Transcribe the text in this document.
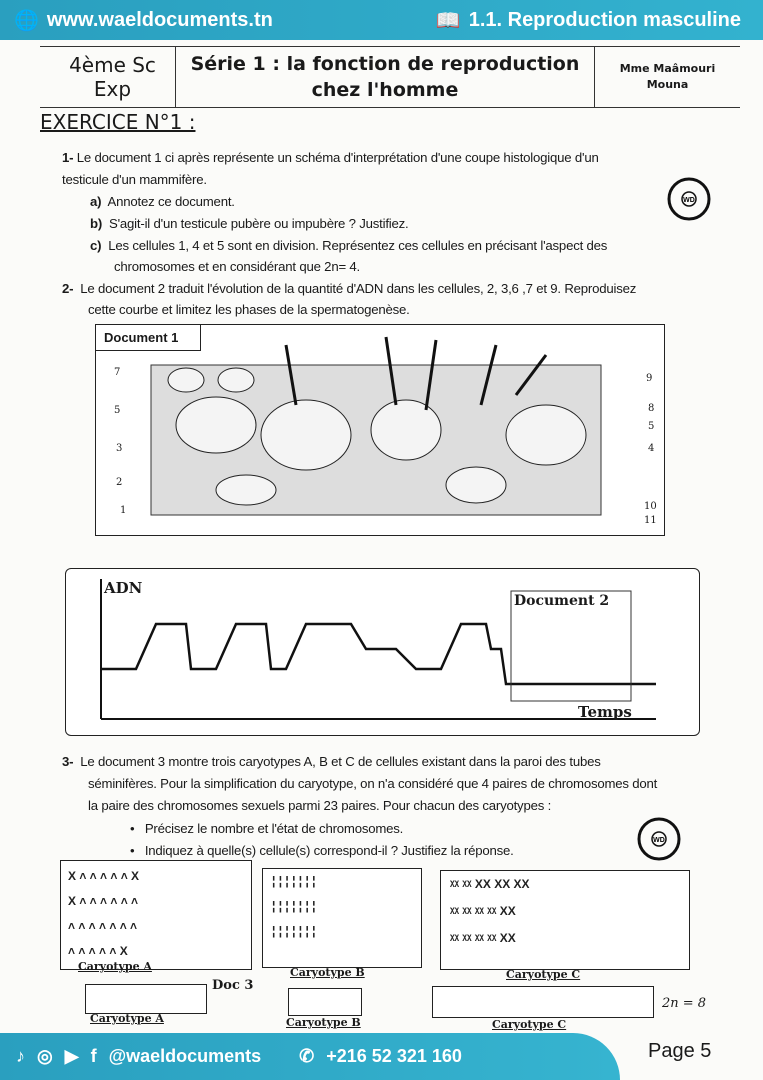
🌐 www.waeldocuments.tn	📖 1.1. Reproduction masculine
4ème Sc Exp
Série 1 : la fonction de reproduction
chez l'homme
Mme Maâmouri
Mouna
EXERCICE N°1 :
1- Le document 1 ci après représente un schéma d'interprétation d'une coupe histologique d'un
testicule d'un mammifère.
a) Annotez ce document.
b) S'agit-il d'un testicule pubère ou impubère ? Justifiez.
c) Les cellules 1, 4 et 5 sont en division. Représentez ces cellules en précisant l'aspect des
chromosomes et en considérant que 2n= 4.
2- Le document 2 traduit l'évolution de la quantité d'ADN dans les cellules, 2, 3,6 ,7 et 9. Reproduisez
cette courbe et limitez les phases de la spermatogenèse.
WD
Document 1
7
5
3
2
1
9
8
5
4
10
11
ADN
Document 2
Temps
3- Le document 3 montre trois caryotypes A, B et C de cellules existant dans la paroi des tubes
séminifères. Pour la simplification du caryotype, on n'a considéré que 4 paires de chromosomes dont
la paire des chromosomes sexuels parmi 23 paires. Pour chacun des caryotypes :
•   Précisez le nombre et l'état de chromosomes.
•   Indiquez à quelle(s) cellule(s) correspond-il ? Justifiez la réponse.
WD
X ˄ ˄ ˄ ˄ ˄ X
X ˄ ˄ ˄ ˄ ˄ ˄
˄ ˄ ˄ ˄ ˄ ˄ ˄
˄ ˄ ˄ ˄ ˄ X
¦ ¦ ¦ ¦ ¦ ¦ ¦
¦ ¦ ¦ ¦ ¦ ¦ ¦
¦ ¦ ¦ ¦ ¦ ¦ ¦
ᵡᵡ ᵡᵡ XX XX XX
ᵡᵡ ᵡᵡ ᵡᵡ ᵡᵡ XX
ᵡᵡ ᵡᵡ ᵡᵡ ᵡᵡ XX
Caryotype A	Caryotype B	Caryotype C
Doc 3
Caryotype A	Caryotype B	Caryotype C
2n = 8
♪ ◎ ▶ f @waeldocuments ✆ +216 52 321 160	Page 5
